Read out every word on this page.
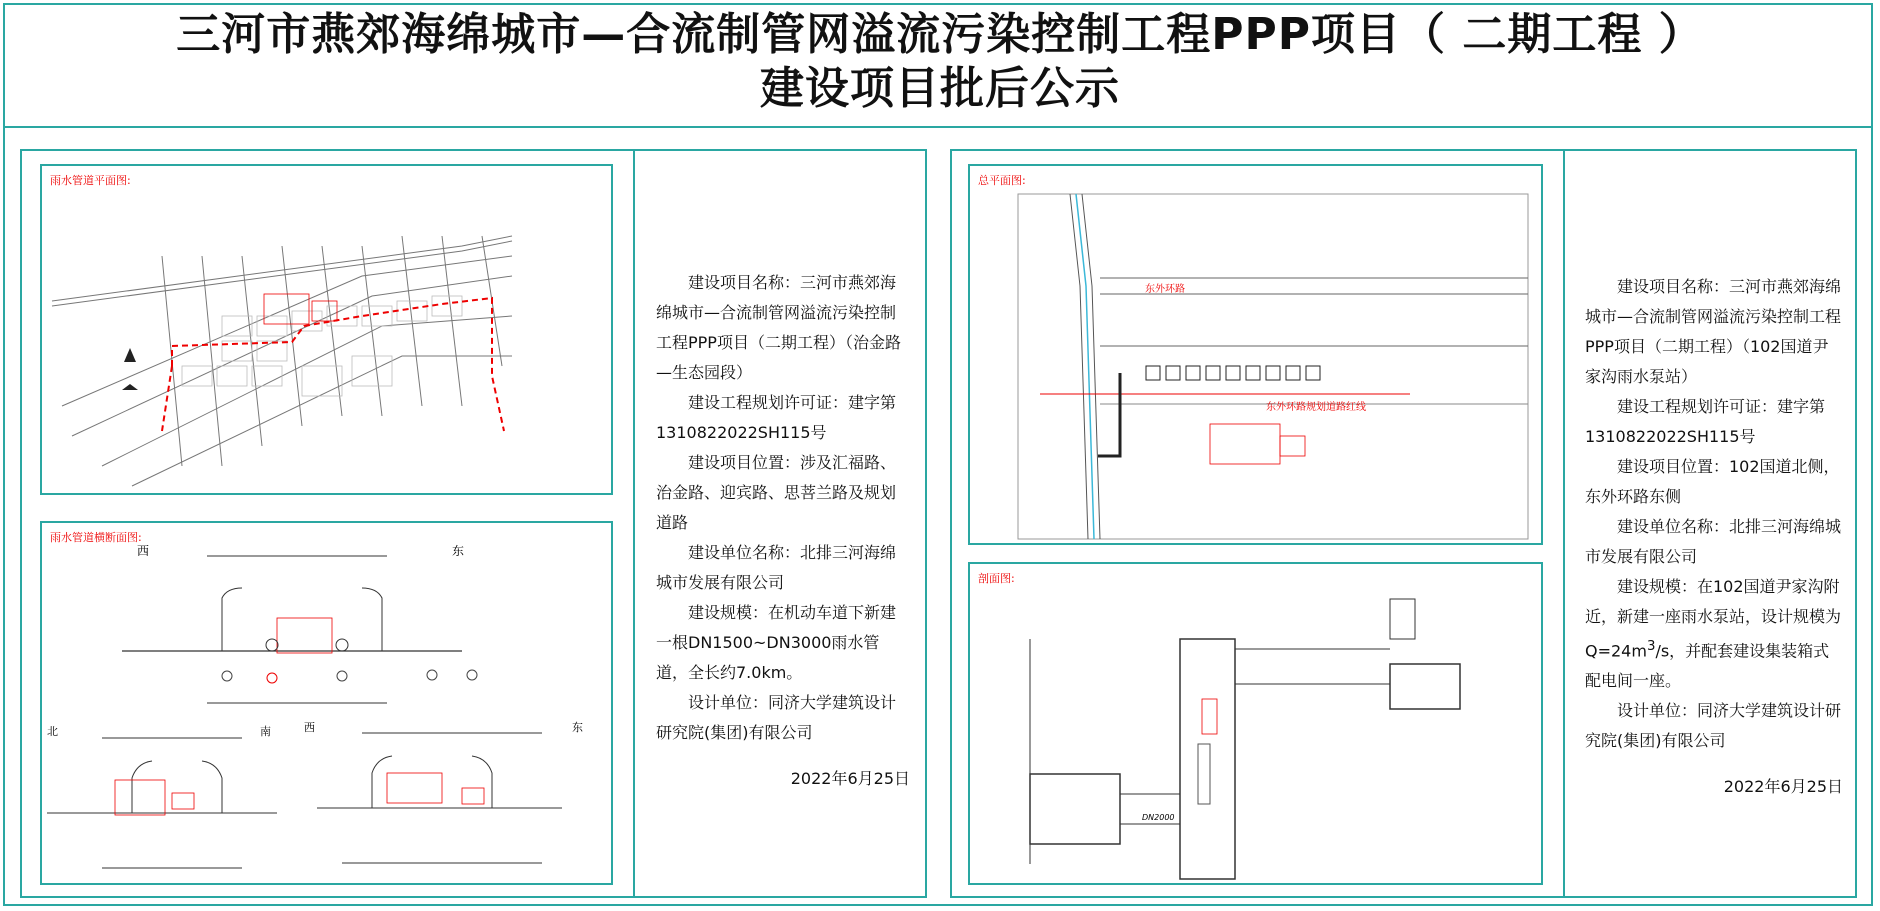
三河市燕郊海绵城市—合流制管网溢流污染控制工程PPP项目（ 二期工程 ）
建设项目批后公示
雨水管道平面图:
雨水管道横断面图:
西	东
北	南	西	东

建设项目名称：三河市燕郊海绵城市—合流制管网溢流污染控制工程PPP项目（二期工程）（治金路—生态园段）

建设工程规划许可证：建字第1310822022SH115号

建设项目位置：涉及汇福路、治金路、迎宾路、思菩兰路及规划道路

建设单位名称：北排三河海绵城市发展有限公司

建设规模：在机动车道下新建一根DN1500~DN3000雨水管道，全长约7.0km。

设计单位：同济大学建筑设计研究院(集团)有限公司

2022年6月25日

总平面图:
东外环路
东外环路规划道路红线
剖面图:
DN2000

建设项目名称：三河市燕郊海绵城市—合流制管网溢流污染控制工程PPP项目（二期工程）（102国道尹家沟雨水泵站）

建设工程规划许可证：建字第1310822022SH115号

建设项目位置：102国道北侧，东外环路东侧

建设单位名称：北排三河海绵城市发展有限公司

建设规模：在102国道尹家沟附近，新建一座雨水泵站，设计规模为$Q=24m^3/s$，并配套建设集装箱式配电间一座。

设计单位：同济大学建筑设计研究院(集团)有限公司

2022年6月25日
